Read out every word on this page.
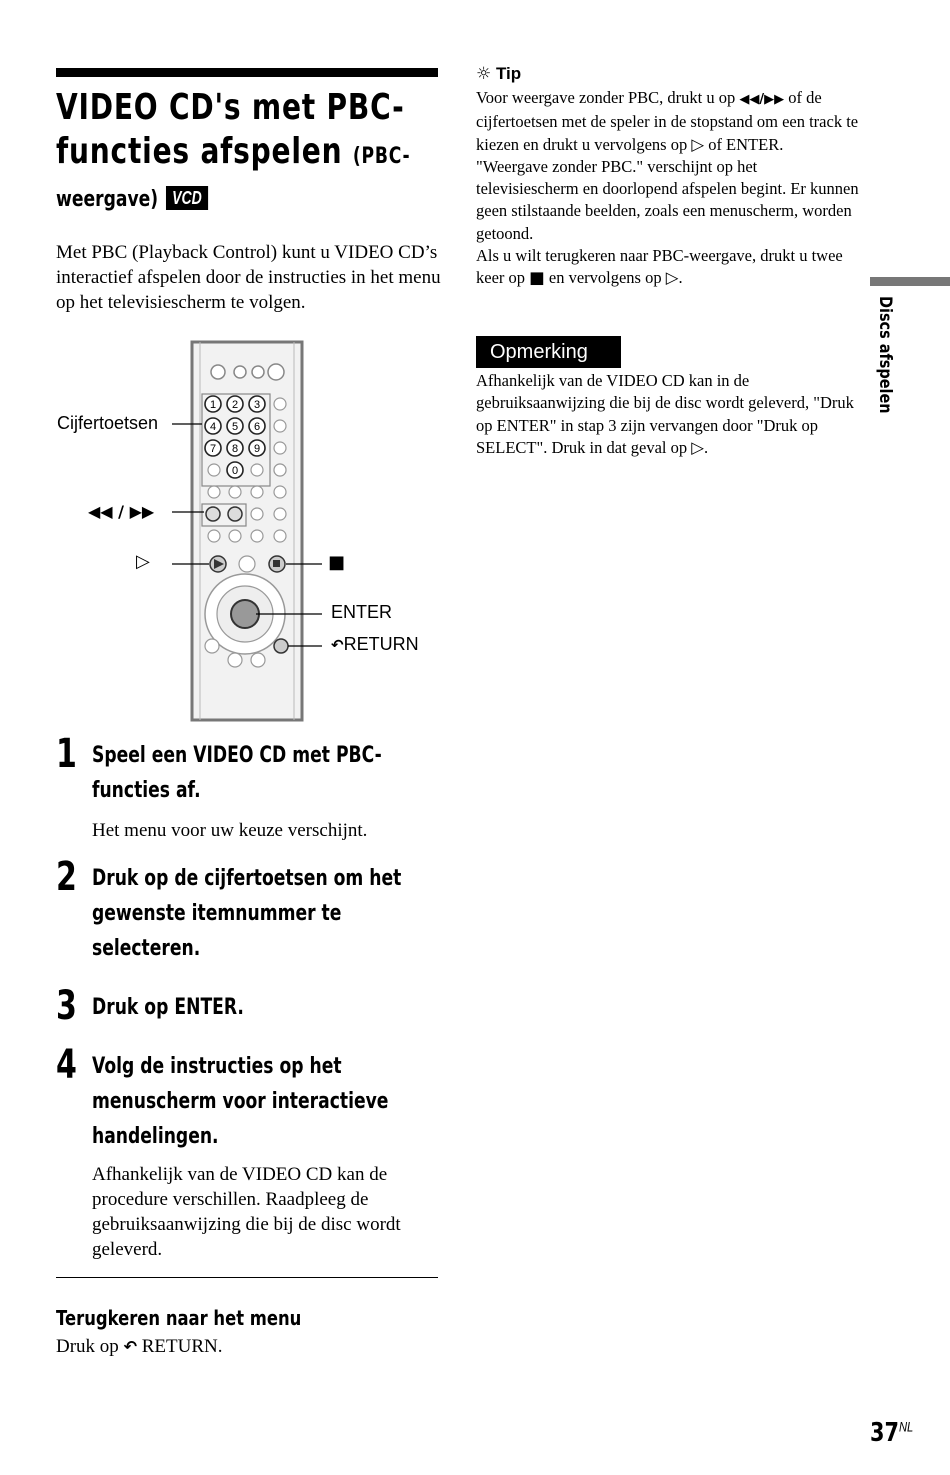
VIDEO CD's met PBC-
functies afspelen (PBC-
weergave) VCD
Met PBC (Playback Control) kunt u VIDEO CD’s interactief afspelen door de instructies in het menu op het televisiescherm te volgen.
1 2 3
4 5 6
7 8 9
0
Cijfertoetsen
◀◀ / ▶▶
▷	■
ENTER
↶RETURN
1 Speel een VIDEO CD met PBC-functies af.
Het menu voor uw keuze verschijnt.
2 Druk op de cijfertoetsen om het gewenste itemnummer te selecteren.
3 Druk op ENTER.
4 Volg de instructies op het menuscherm voor interactieve handelingen.
Afhankelijk van de VIDEO CD kan de procedure verschillen. Raadpleeg de gebruiksaanwijzing die bij de disc wordt geleverd.
Terugkeren naar het menu
Druk op ↶ RETURN.
☼ Tip
Voor weergave zonder PBC, drukt u op ◀◀/▶▶ of de cijfertoetsen met de speler in de stopstand om een track te kiezen en drukt u vervolgens op ▷ of ENTER.
"Weergave zonder PBC." verschijnt op het televisiescherm en doorlopend afspelen begint. Er kunnen geen stilstaande beelden, zoals een menuscherm, worden getoond.
Als u wilt terugkeren naar PBC-weergave, drukt u twee keer op ■ en vervolgens op ▷.
Opmerking
Afhankelijk van de VIDEO CD kan in de gebruiksaanwijzing die bij de disc wordt geleverd, "Druk op ENTER" in stap 3 zijn vervangen door "Druk op SELECT". Druk in dat geval op ▷.
Discs afspelen
$37^{NL}$
